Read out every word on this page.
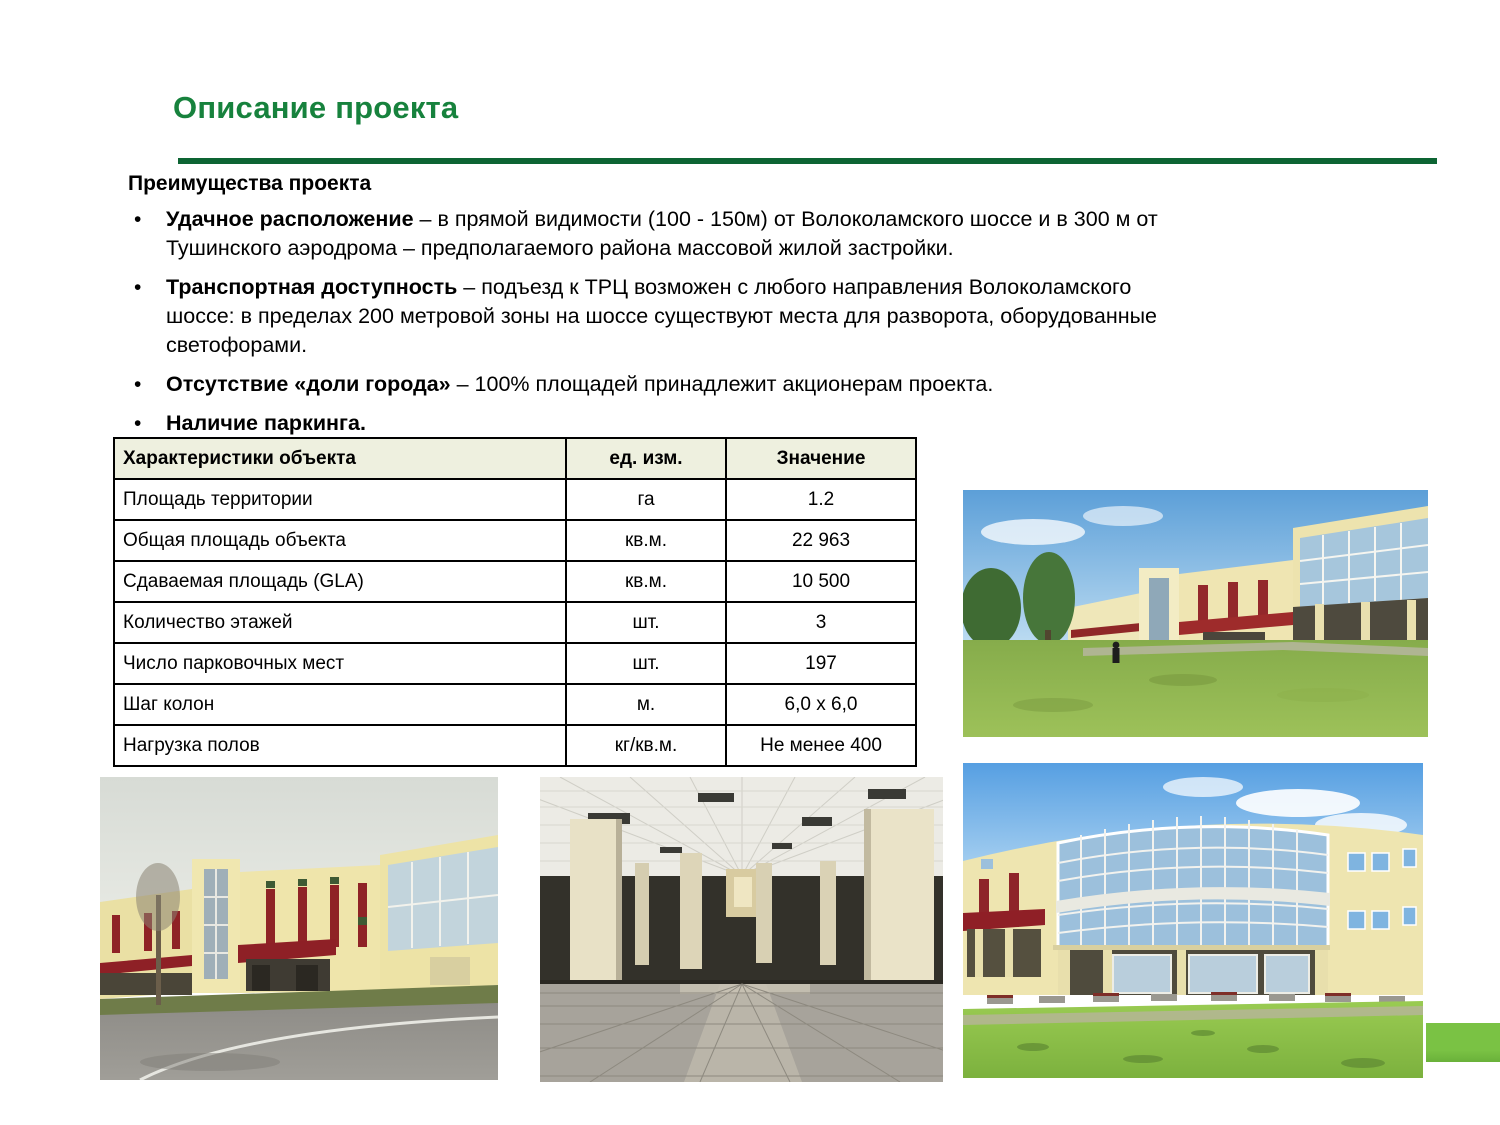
Описание проекта
Преимущества проекта
•	Удачное расположение – в прямой видимости (100 - 150м) от Волоколамского шоссе и в 300 м от
Тушинского аэродрома – предполагаемого района массовой жилой застройки.
•	Транспортная доступность – подъезд к ТРЦ возможен с любого направления Волоколамского
шоссе: в пределах 200 метровой зоны на шоссе существуют места для разворота, оборудованные
светофорами.
•	Отсутствие «доли города» – 100% площадей принадлежит акционерам проекта.
•	Наличие паркинга.
Характеристики объекта	ед. изм.	Значение
Площадь территории	га	1.2
Общая площадь объекта	кв.м.	22 963
Сдаваемая площадь (GLA)	кв.м.	10 500
Количество этажей	шт.	3
Число парковочных мест	шт.	197
Шаг колон	м.	6,0 x 6,0
Нагрузка полов	кг/кв.м.	Не менее 400
